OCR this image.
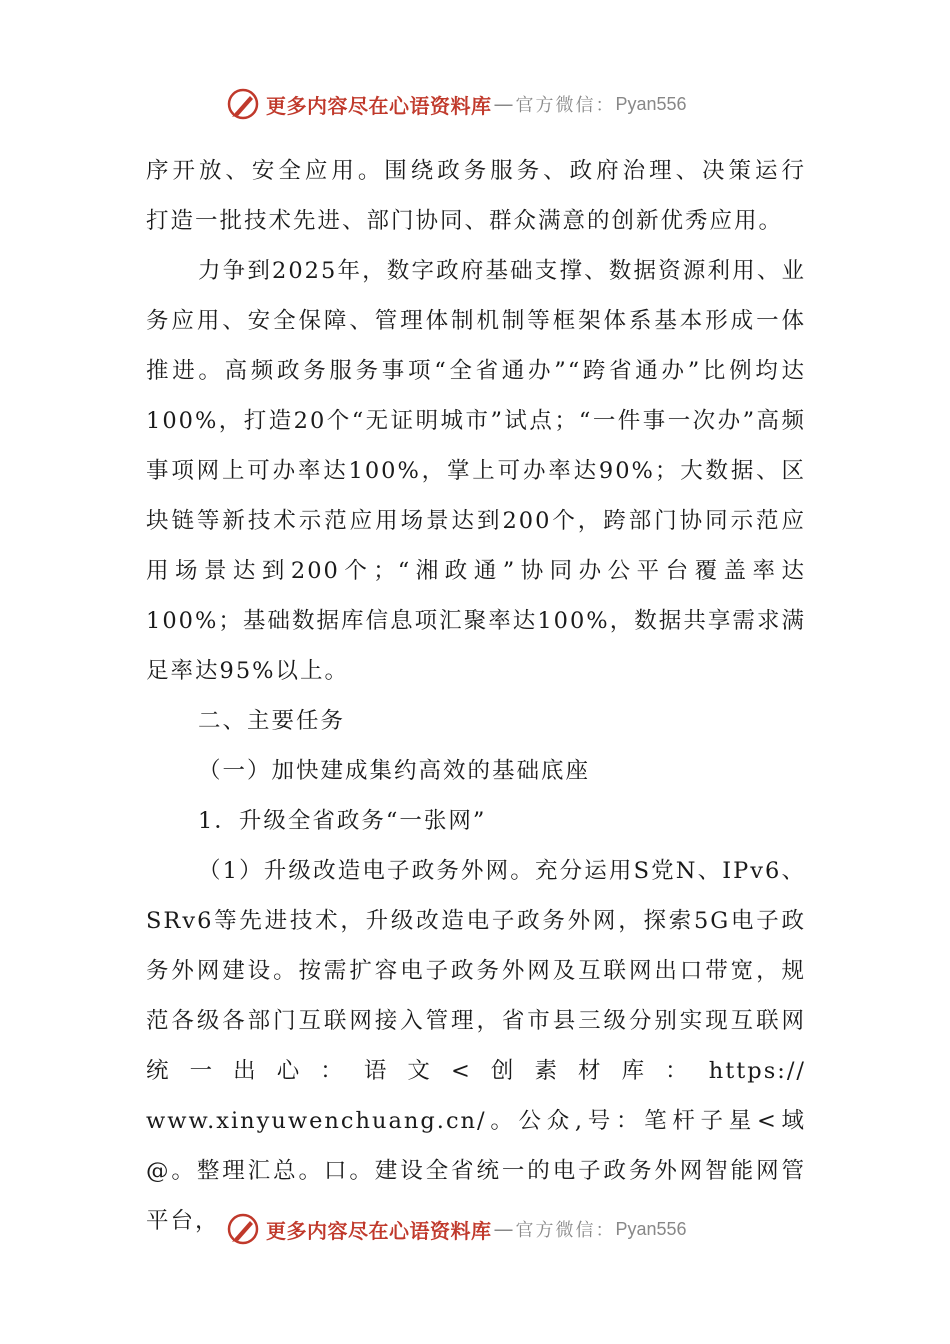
更多内容尽在心语资料库 — 官方微信： Pyan556

序开放、安全应用。围绕政务服务、政府治理、决策运行

打造一批技术先进、部门协同、群众满意的创新优秀应用。

力争到2025年，数字政府基础支撑、数据资源利用、业务应用、安全保障、管理体制机制等框架体系基本形成一体推进。高频政务服务事项“全省通办”“跨省通办”比例均达100%，打造20个“无证明城市”试点；“一件事一次办”高频事项网上可办率达100%，掌上可办率达90%；大数据、区块链等新技术示范应用场景达到200个，跨部门协同示范应用场景达到200个；“湘政通”协同办公平台覆盖率达100%；基础数据库信息项汇聚率达100%，数据共享需求满足率达95%以上。

二、主要任务

（一）加快建成集约高效的基础底座

1．升级全省政务“一张网”

（1）升级改造电子政务外网。充分运用S党N、IPv6、SRv6等先进技术，升级改造电子政务外网，探索5G电子政务外网建设。按需扩容电子政务外网及互联网出口带宽，规范各级各部门互联网接入管理，省市县三级分别实现互联网统一出心：语文<创素材库：https://

www.xinyuwenchuang.cn/。公众,号：笔杆子星<域@。整理汇总。口。建设全省统一的电子政务外网智能网管平台，	更多内容尽在心语资料库 — 官方微信： Pyan556
